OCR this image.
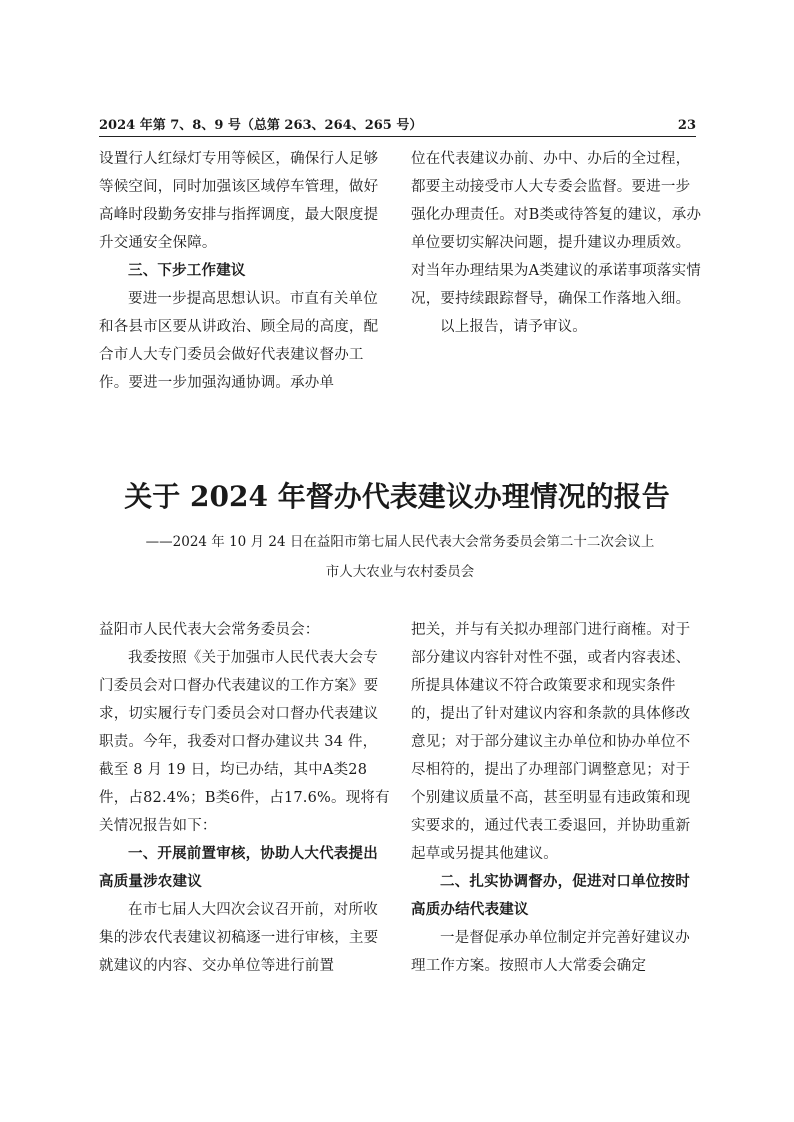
2024 年第 7、8、9 号（总第 263、264、265 号）	23

设置行人红绿灯专用等候区，确保行人足够等候空间，同时加强该区域停车管理，做好高峰时段勤务安排与指挥调度，最大限度提升交通安全保障。

三、下步工作建议

要进一步提高思想认识。市直有关单位和各县市区要从讲政治、顾全局的高度，配合市人大专门委员会做好代表建议督办工作。要进一步加强沟通协调。承办单

位在代表建议办前、办中、办后的全过程，都要主动接受市人大专委会监督。要进一步强化办理责任。对B类或待答复的建议，承办单位要切实解决问题，提升建议办理质效。对当年办理结果为A类建议的承诺事项落实情况，要持续跟踪督导，确保工作落地入细。

以上报告，请予审议。

关于 2024 年督办代表建议办理情况的报告
——2024 年 10 月 24 日在益阳市第七届人民代表大会常务委员会第二十二次会议上
市人大农业与农村委员会

益阳市人民代表大会常务委员会：

我委按照《关于加强市人民代表大会专门委员会对口督办代表建议的工作方案》要求，切实履行专门委员会对口督办代表建议职责。今年，我委对口督办建议共 34 件，截至 8 月 19 日，均已办结，其中A类28件，占82.4%；B类6件，占17.6%。现将有关情况报告如下：

一、开展前置审核，协助人大代表提出高质量涉农建议

在市七届人大四次会议召开前，对所收集的涉农代表建议初稿逐一进行审核，主要就建议的内容、交办单位等进行前置

把关，并与有关拟办理部门进行商榷。对于部分建议内容针对性不强，或者内容表述、所提具体建议不符合政策要求和现实条件的，提出了针对建议内容和条款的具体修改意见；对于部分建议主办单位和协办单位不尽相符的，提出了办理部门调整意见；对于个别建议质量不高，甚至明显有违政策和现实要求的，通过代表工委退回，并协助重新起草或另提其他建议。

二、扎实协调督办，促进对口单位按时高质办结代表建议

一是督促承办单位制定并完善好建议办理工作方案。按照市人大常委会确定
